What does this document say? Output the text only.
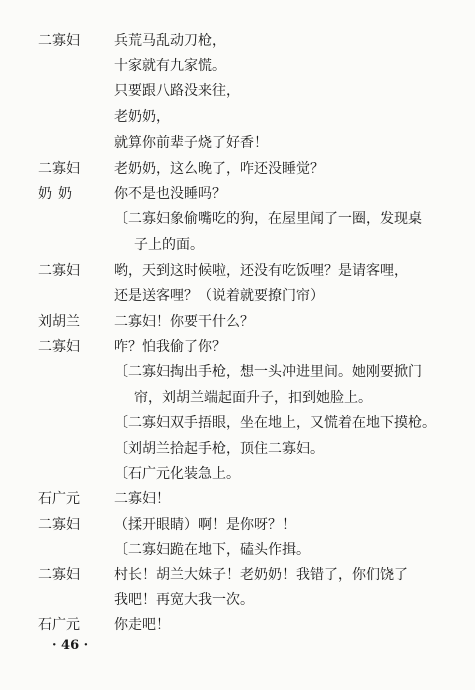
二寡妇
二寡妇
奶奶
二寡妇
刘胡兰
二寡妇
石广元
二寡妇
二寡妇
石广元
兵荒马乱动刀枪，
十家就有九家慌。
只要跟八路没来往，
老奶奶，
就算你前辈子烧了好香！
老奶奶，这么晚了，咋还没睡觉？
你不是也没睡吗？
〔二寡妇象偷嘴吃的狗，在屋里闻了一圈，发现桌
子上的面。
哟，天到这时候啦，还没有吃饭哩？是请客哩，
还是送客哩？（说着就要撩门帘）
二寡妇！你要干什么？
咋？怕我偷了你？
〔二寡妇掏出手枪，想一头冲进里间。她刚要掀门
帘，刘胡兰端起面升子，扣到她脸上。
〔二寡妇双手捂眼，坐在地上，又慌着在地下摸枪。
〔刘胡兰拾起手枪，顶住二寡妇。
〔石广元化装急上。
二寡妇！
（揉开眼睛）啊！是你呀？！
〔二寡妇跪在地下，磕头作揖。
村长！胡兰大妹子！老奶奶！我错了，你们饶了
我吧！再宽大我一次。
你走吧！
· 46 ·
